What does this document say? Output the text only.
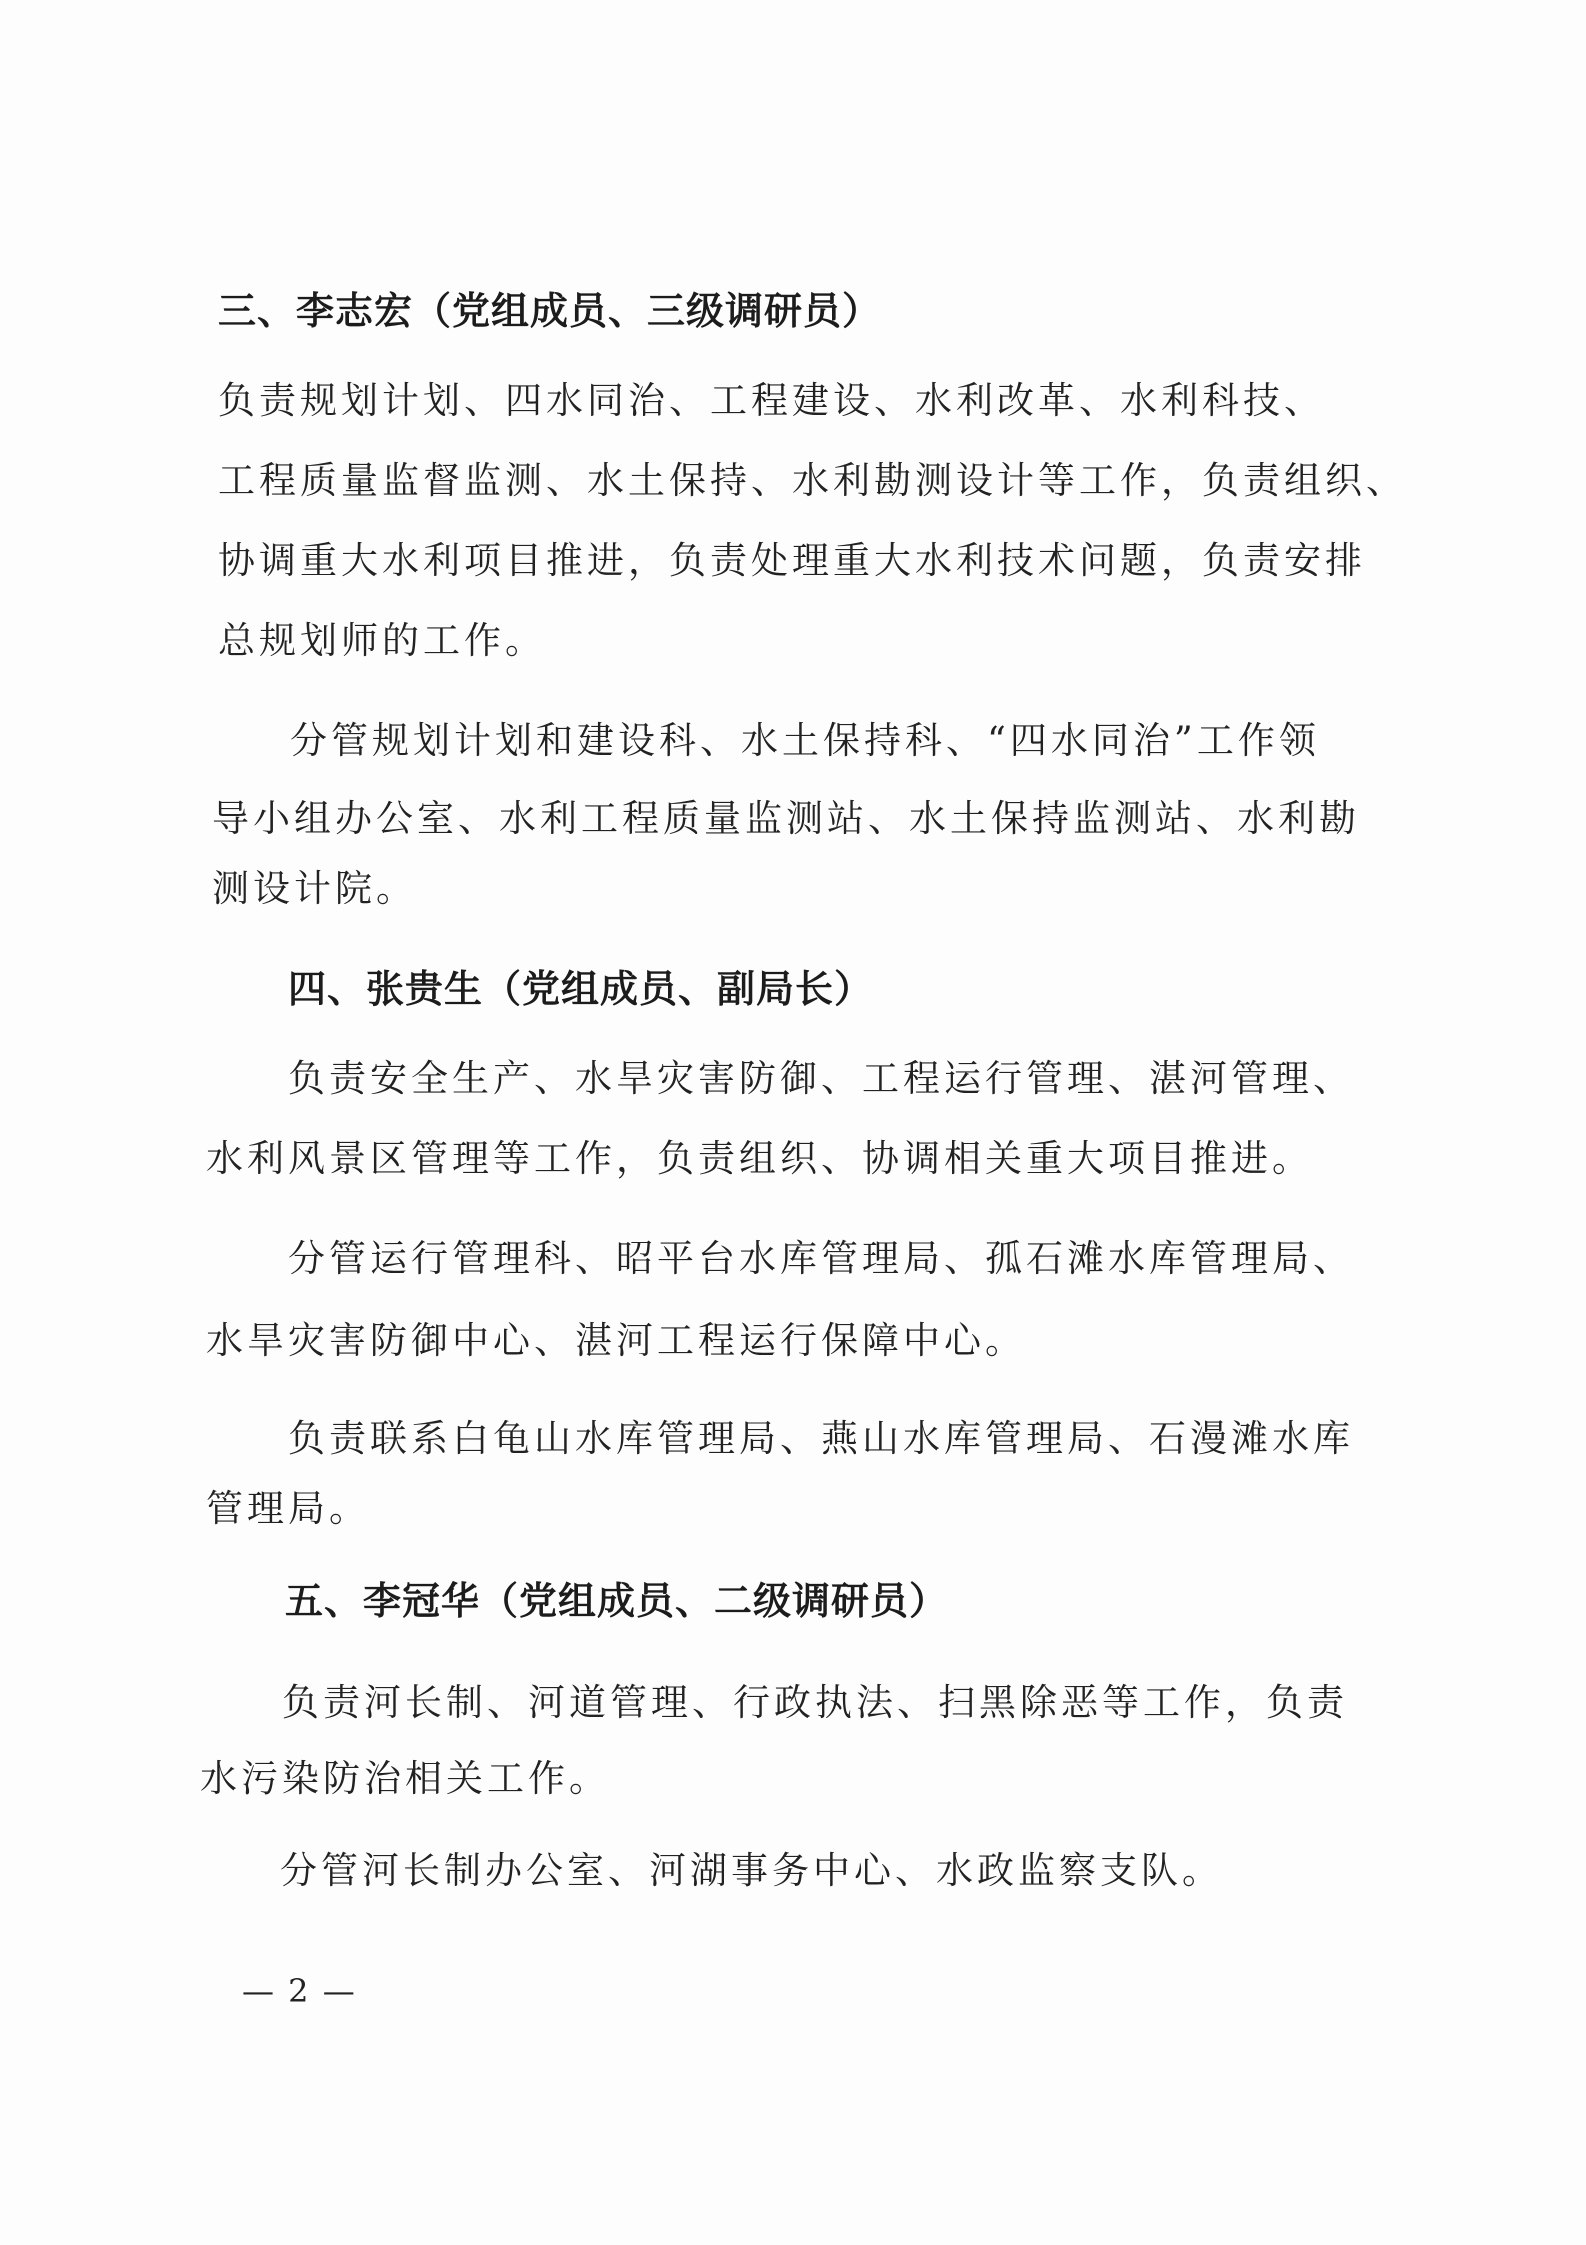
三、李志宏（党组成员、三级调研员）
负责规划计划、四水同治、工程建设、水利改革、水利科技、
工程质量监督监测、水土保持、水利勘测设计等工作，负责组织、
协调重大水利项目推进，负责处理重大水利技术问题，负责安排
总规划师的工作。
分管规划计划和建设科、水土保持科、“四水同治”工作领
导小组办公室、水利工程质量监测站、水土保持监测站、水利勘
测设计院。
四、张贵生（党组成员、副局长）
负责安全生产、水旱灾害防御、工程运行管理、湛河管理、
水利风景区管理等工作，负责组织、协调相关重大项目推进。
分管运行管理科、昭平台水库管理局、孤石滩水库管理局、
水旱灾害防御中心、湛河工程运行保障中心。
负责联系白龟山水库管理局、燕山水库管理局、石漫滩水库
管理局。
五、李冠华（党组成员、二级调研员）
负责河长制、河道管理、行政执法、扫黑除恶等工作，负责
水污染防治相关工作。
分管河长制办公室、河湖事务中心、水政监察支队。
— 2 —
